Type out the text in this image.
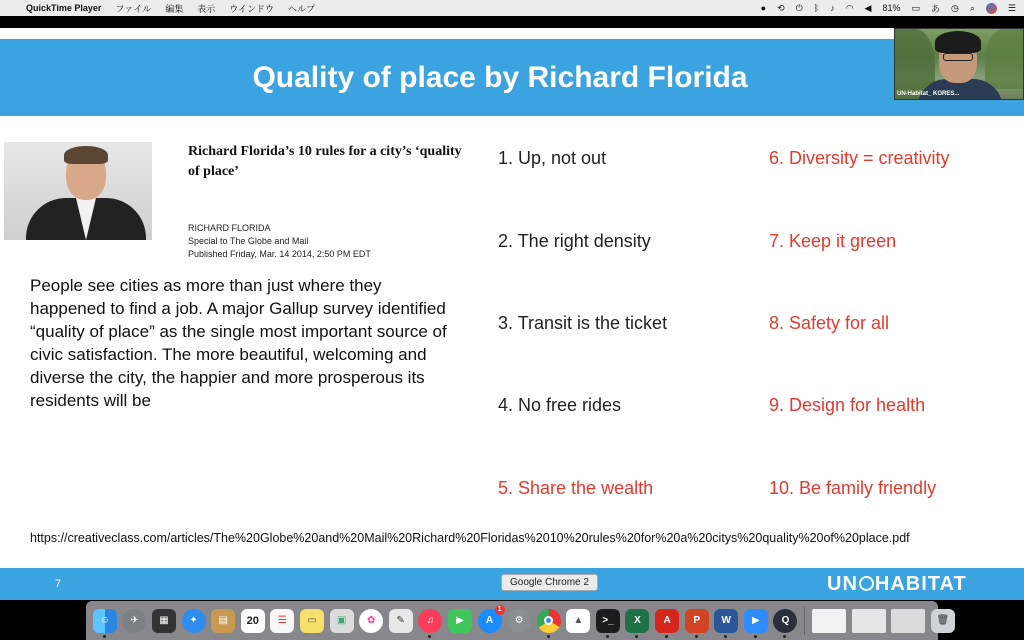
QuickTime Player ファイル 編集 表示 ウインドウ ヘルプ	● ⟲ ⏻ ᛒ ♪ ◠ ◀ 81% ▭ あ ◷ ⌕	☰
Quality of place by Richard Florida	UN-Habitat_ KORES...
Richard Florida’s 10 rules for a city’s ‘quality of place’
RICHARD FLORIDA
Special to The Globe and Mail
Published Friday, Mar. 14 2014, 2:50 PM EDT
People see cities as more than just where they happened to find a job. A major Gallup survey identified “quality of place” as the single most important source of civic satisfaction. The more beautiful, welcoming and diverse the city, the happier and more prosperous its residents will be
1. Up, not out
2. The right density
3. Transit is the ticket
4. No free rides
5. Share the wealth
6. Diversity = creativity
7. Keep it green
8. Safety for all
9. Design for health
10. Be family friendly
https://creativeclass.com/articles/The%20Globe%20and%20Mail%20Richard%20Floridas%2010%20rules%20for%20a%20citys%20quality%20of%20place.pdf
7	UN HABITAT
Google Chrome 2
☺	✈	▦	✦	▤	20	☰	▭	▣	✿	✎	♫	▶	A
1
⚙	▲	>_	X	A	P	W	▶	Q	🗑
